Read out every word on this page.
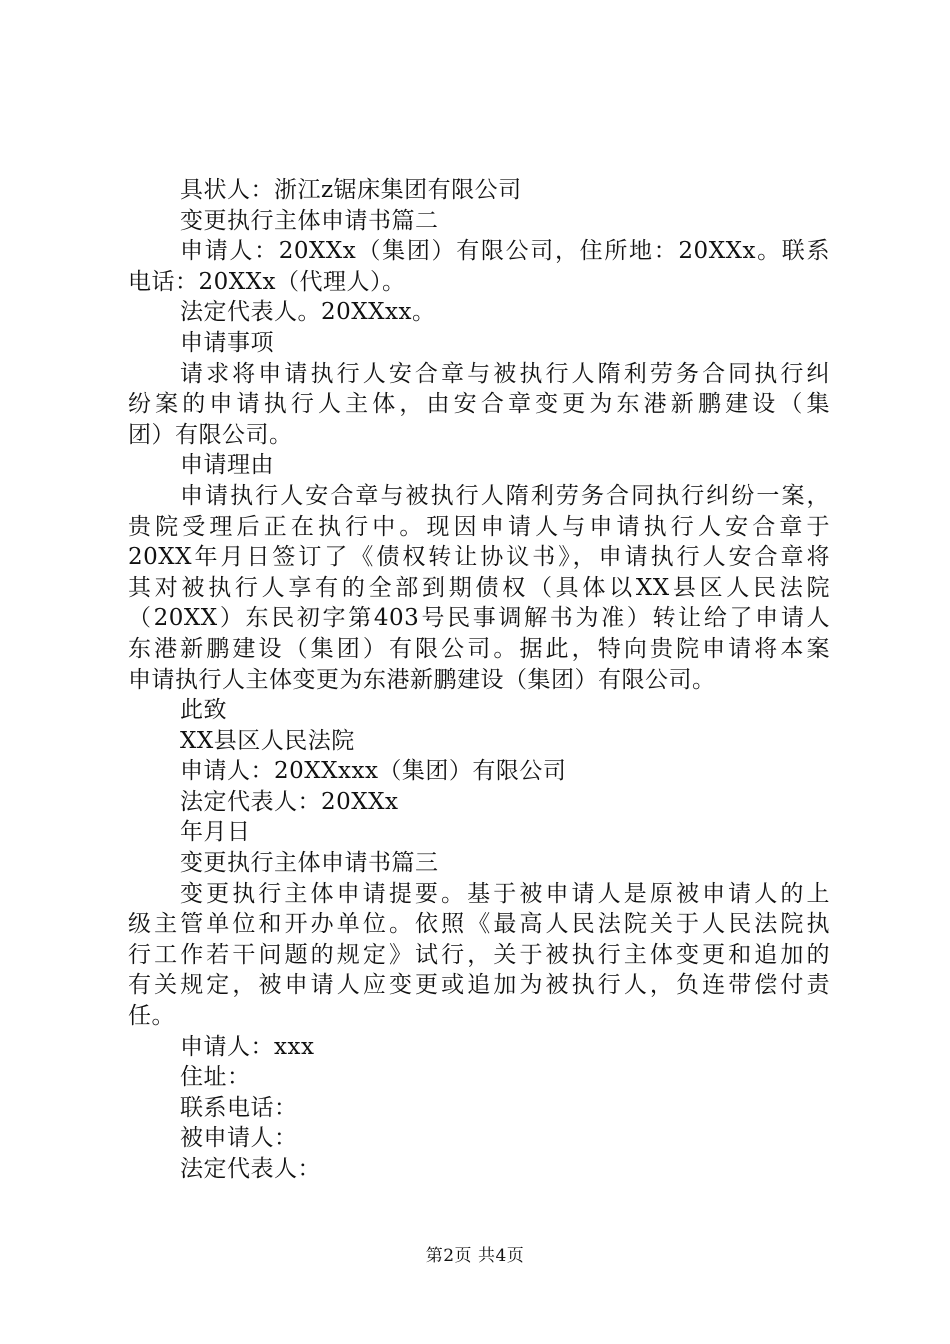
具状人：浙江z锯床集团有限公司

变更执行主体申请书篇二

申请人：20XXx（集团）有限公司，住所地：20XXx。联系

电话：20XXx（代理人）。

法定代表人。20XXxx。

申请事项

请求将申请执行人安合章与被执行人隋利劳务合同执行纠

纷案的申请执行人主体，由安合章变更为东港新鹏建设（集

团）有限公司。

申请理由

申请执行人安合章与被执行人隋利劳务合同执行纠纷一案，

贵院受理后正在执行中。现因申请人与申请执行人安合章于

20XX年月日签订了《债权转让协议书》，申请执行人安合章将

其对被执行人享有的全部到期债权（具体以XX县区人民法院

（20XX）东民初字第403号民事调解书为准）转让给了申请人

东港新鹏建设（集团）有限公司。据此，特向贵院申请将本案

申请执行人主体变更为东港新鹏建设（集团）有限公司。

此致

XX县区人民法院

申请人：20XXxxx（集团）有限公司

法定代表人：20XXx

年月日

变更执行主体申请书篇三

变更执行主体申请提要。基于被申请人是原被申请人的上

级主管单位和开办单位。依照《最高人民法院关于人民法院执

行工作若干问题的规定》试行，关于被执行主体变更和追加的

有关规定，被申请人应变更或追加为被执行人，负连带偿付责

任。

申请人：xxx

住址：

联系电话：

被申请人：

法定代表人：

第2页 共4页
